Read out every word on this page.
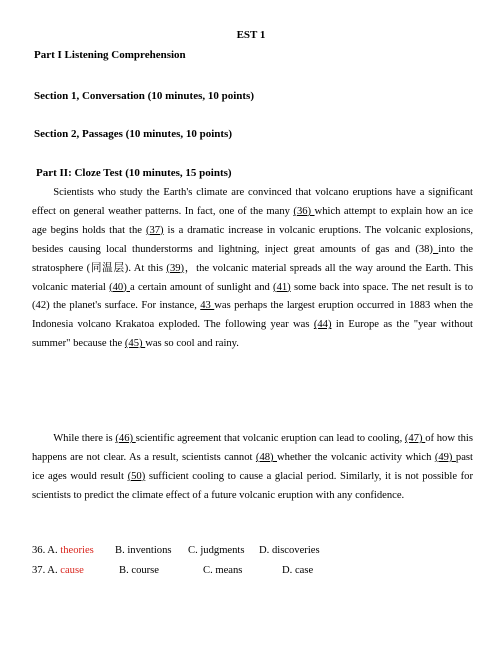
EST 1
Part I Listening Comprehension
Section 1, Conversation (10 minutes, 10 points)
Section 2, Passages (10 minutes, 10 points)
Part II: Cloze Test (10 minutes, 15 points)
Scientists who study the Earth's climate are convinced that volcano eruptions have a significant effect on general weather patterns. In fact, one of the many (36) which attempt to explain how an ice age begins holds that the (37) is a dramatic increase in volcanic eruptions. The volcanic explosions, besides causing local thunderstorms and lightning, inject great amounts of gas and (38) into the stratosphere (同温层). At this (39)，the volcanic material spreads all the way around the Earth. This volcanic material (40) a certain amount of sunlight and (41) some back into space. The net result is to (42) the planet's surface. For instance, 43 was perhaps the largest eruption occurred in 1883 when the Indonesia volcano Krakatoa exploded. The following year was (44) in Europe as the "year without summer" because the (45) was so cool and rainy.
While there is (46) scientific agreement that volcanic eruption can lead to cooling, (47) of how this happens are not clear. As a result, scientists cannot (48) whether the volcanic activity which (49) past ice ages would result (50) sufficient cooling to cause a glacial period. Similarly, it is not possible for scientists to predict the climate effect of a future volcanic eruption with any confidence.
36. A. theories B. inventions C. judgments D. discoveries
37. A. cause	B. course	C. means	D. case
